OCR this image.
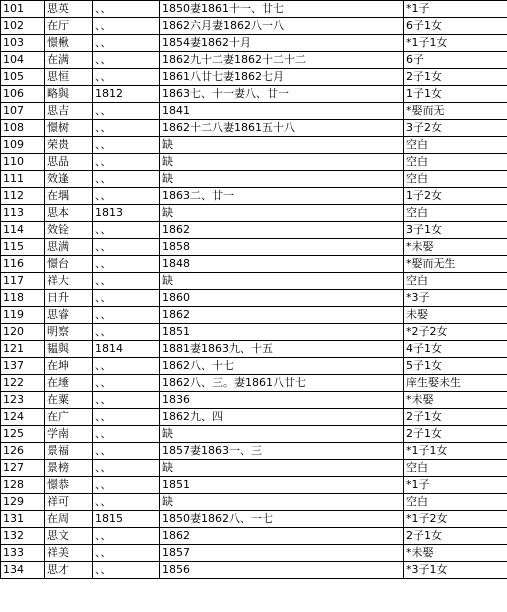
101	思英	、、	1850妻1861十一、廿七	*1子
102	在厅	、、	1862六月妻1862八一八	6子1女
103	憬楸	、、	1854妻1862十月	*1子1女
104	在满	、、	1862九十二妻1862十二十二	6子
105	思恒	、、	1861八廿七妻1862七月	2子1女
106	略與	1812	1863七、十一妻八、廿一	1子1女
107	思吉	、、	1841	*娶而无
108	憬树	、、	1862十二八妻1861五十八	3子2女
109	荣贵	、、	缺	空白
110	思品	、、	缺	空白
111	效逢	、、	缺	空白
112	在堣	、、	1863二、廿一	1子2女
113	思本	1813	缺	空白
114	效铨	、、	1862	3子1女
115	思满	、、	1858	*未娶
116	憬台	、、	1848	*娶而无生
117	祥大	、、	缺	空白
118	日升	、、	1860	*3子
119	思睿	、、	1862	未娶
120	明察	、、	1851	*2子2女
121	韫與	1814	1881妻1863九、十五	4子1女
137	在坤	、、	1862八、十七	5子1女
122	在埵	、、	1862八、三。妻1861八廿七	庠生娶未生
123	在粟	、、	1836	*未娶
124	在广	、、	1862九、四	2子1女
125	学南	、、	缺	2子1女
126	景福	、、	1857妻1863一、三	*1子1女
127	景榜	、、	缺	空白
128	憬恭	、、	1851	*1子
129	祥可	、、	缺	空白
131	在周	1815	1850妻1862八、一七	*1子2女
132	思文	、、	1862	2子1女
133	祥美	、、	1857	*未娶
134	思才	、、	1856	*3子1女
